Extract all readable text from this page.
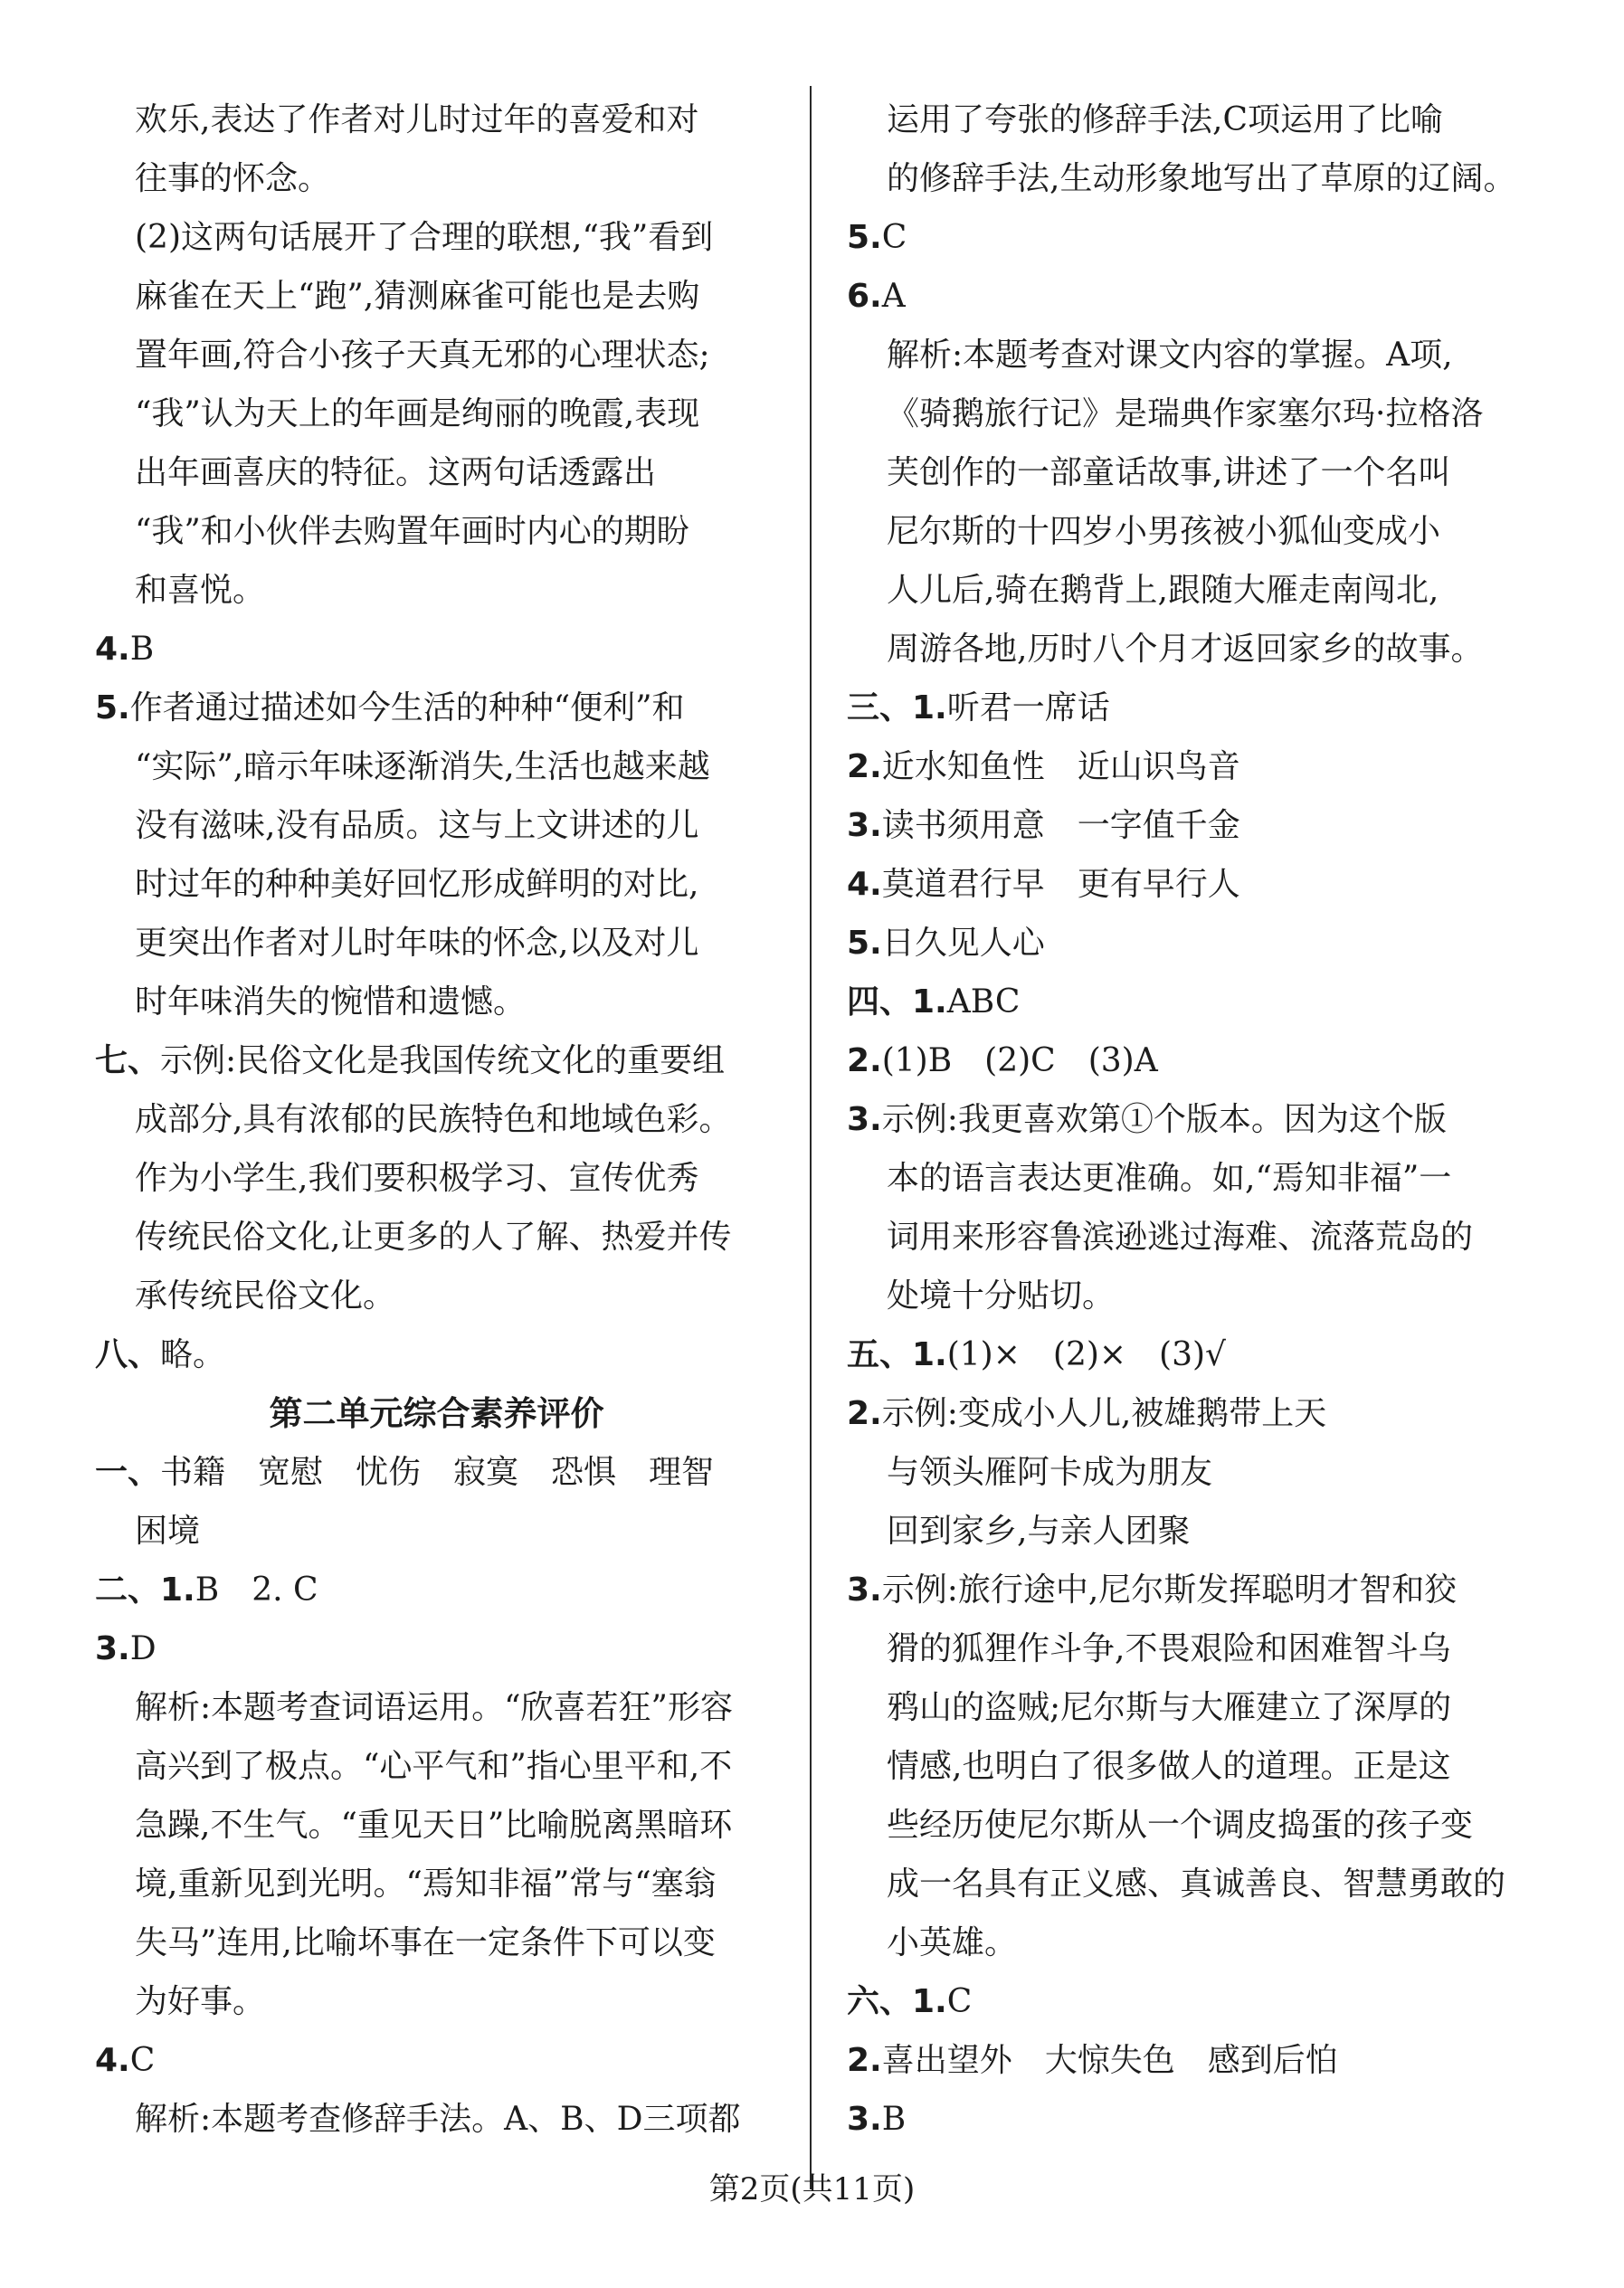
欢乐,表达了作者对儿时过年的喜爱和对
往事的怀念。
(2)这两句话展开了合理的联想,“我”看到
麻雀在天上“跑”,猜测麻雀可能也是去购
置年画,符合小孩子天真无邪的心理状态;
“我”认为天上的年画是绚丽的晚霞,表现
出年画喜庆的特征。这两句话透露出
“我”和小伙伴去购置年画时内心的期盼
和喜悦。
4.B
5.作者通过描述如今生活的种种“便利”和
“实际”,暗示年味逐渐消失,生活也越来越
没有滋味,没有品质。这与上文讲述的儿
时过年的种种美好回忆形成鲜明的对比,
更突出作者对儿时年味的怀念,以及对儿
时年味消失的惋惜和遗憾。
七、示例:民俗文化是我国传统文化的重要组
成部分,具有浓郁的民族特色和地域色彩。
作为小学生,我们要积极学习、宣传优秀
传统民俗文化,让更多的人了解、热爱并传
承传统民俗文化。
八、略。
第二单元综合素养评价
一、书籍　宽慰　忧伤　寂寞　恐惧　理智
困境
二、1.B　2. C
3.D
解析:本题考查词语运用。“欣喜若狂”形容
高兴到了极点。“心平气和”指心里平和,不
急躁,不生气。“重见天日”比喻脱离黑暗环
境,重新见到光明。“焉知非福”常与“塞翁
失马”连用,比喻坏事在一定条件下可以变
为好事。
4.C
解析:本题考查修辞手法。A、B、D三项都
运用了夸张的修辞手法,C项运用了比喻
的修辞手法,生动形象地写出了草原的辽阔。
5.C
6.A
解析:本题考查对课文内容的掌握。A项,
《骑鹅旅行记》是瑞典作家塞尔玛·拉格洛
芙创作的一部童话故事,讲述了一个名叫
尼尔斯的十四岁小男孩被小狐仙变成小
人儿后,骑在鹅背上,跟随大雁走南闯北,
周游各地,历时八个月才返回家乡的故事。
三、1.听君一席话
2.近水知鱼性　近山识鸟音
3.读书须用意　一字值千金
4.莫道君行早　更有早行人
5.日久见人心
四、1.ABC
2.(1)B　(2)C　(3)A
3.示例:我更喜欢第①个版本。因为这个版
本的语言表达更准确。如,“焉知非福”一
词用来形容鲁滨逊逃过海难、流落荒岛的
处境十分贴切。
五、1.(1)×　(2)×　(3)√
2.示例:变成小人儿,被雄鹅带上天
与领头雁阿卡成为朋友
回到家乡,与亲人团聚
3.示例:旅行途中,尼尔斯发挥聪明才智和狡
猾的狐狸作斗争,不畏艰险和困难智斗乌
鸦山的盗贼;尼尔斯与大雁建立了深厚的
情感,也明白了很多做人的道理。正是这
些经历使尼尔斯从一个调皮捣蛋的孩子变
成一名具有正义感、真诚善良、智慧勇敢的
小英雄。
六、1.C
2.喜出望外　大惊失色　感到后怕
3.B
第2页(共11页)
